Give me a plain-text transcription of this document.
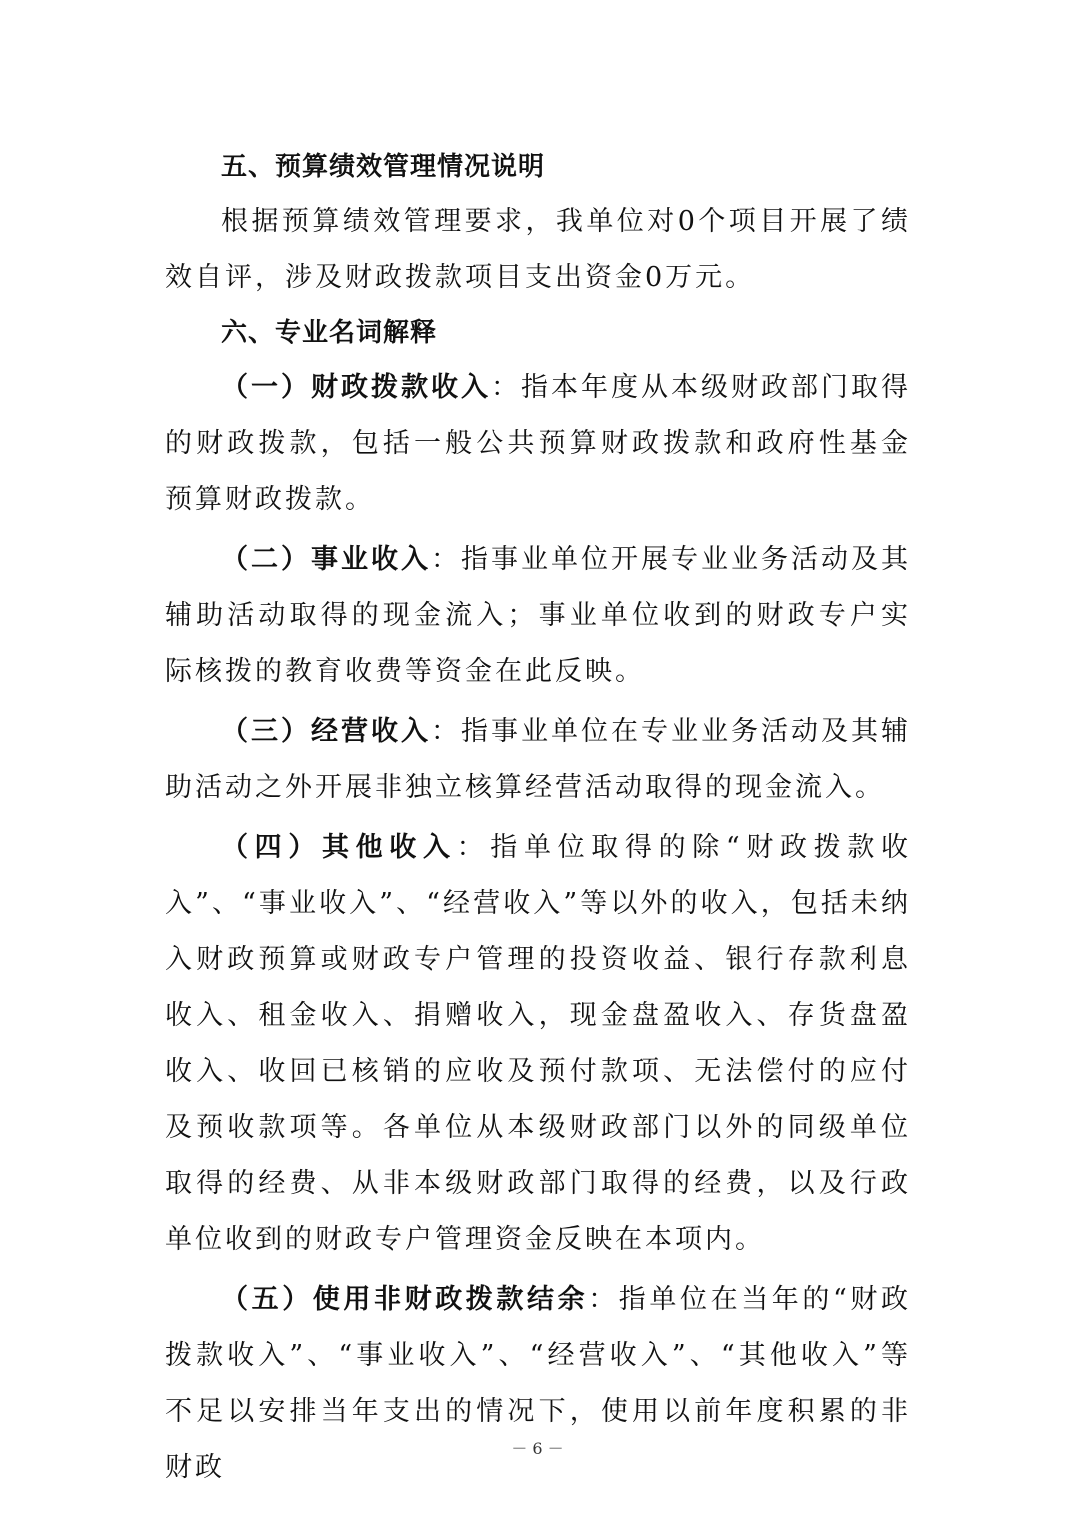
五、预算绩效管理情况说明

根据预算绩效管理要求，我单位对0个项目开展了绩效自评，涉及财政拨款项目支出资金0万元。

六、专业名词解释

（一）财政拨款收入：指本年度从本级财政部门取得的财政拨款，包括一般公共预算财政拨款和政府性基金预算财政拨款。

（二）事业收入：指事业单位开展专业业务活动及其辅助活动取得的现金流入；事业单位收到的财政专户实际核拨的教育收费等资金在此反映。

（三）经营收入：指事业单位在专业业务活动及其辅助活动之外开展非独立核算经营活动取得的现金流入。

（四）其他收入：指单位取得的除“财政拨款收入”、“事业收入”、“经营收入”等以外的收入，包括未纳入财政预算或财政专户管理的投资收益、银行存款利息收入、租金收入、捐赠收入，现金盘盈收入、存货盘盈收入、收回已核销的应收及预付款项、无法偿付的应付及预收款项等。各单位从本级财政部门以外的同级单位取得的经费、从非本级财政部门取得的经费，以及行政单位收到的财政专户管理资金反映在本项内。

（五）使用非财政拨款结余：指单位在当年的“财政拨款收入”、“事业收入”、“经营收入”、“其他收入”等不足以安排当年支出的情况下，使用以前年度积累的非财政

－ 6 －
